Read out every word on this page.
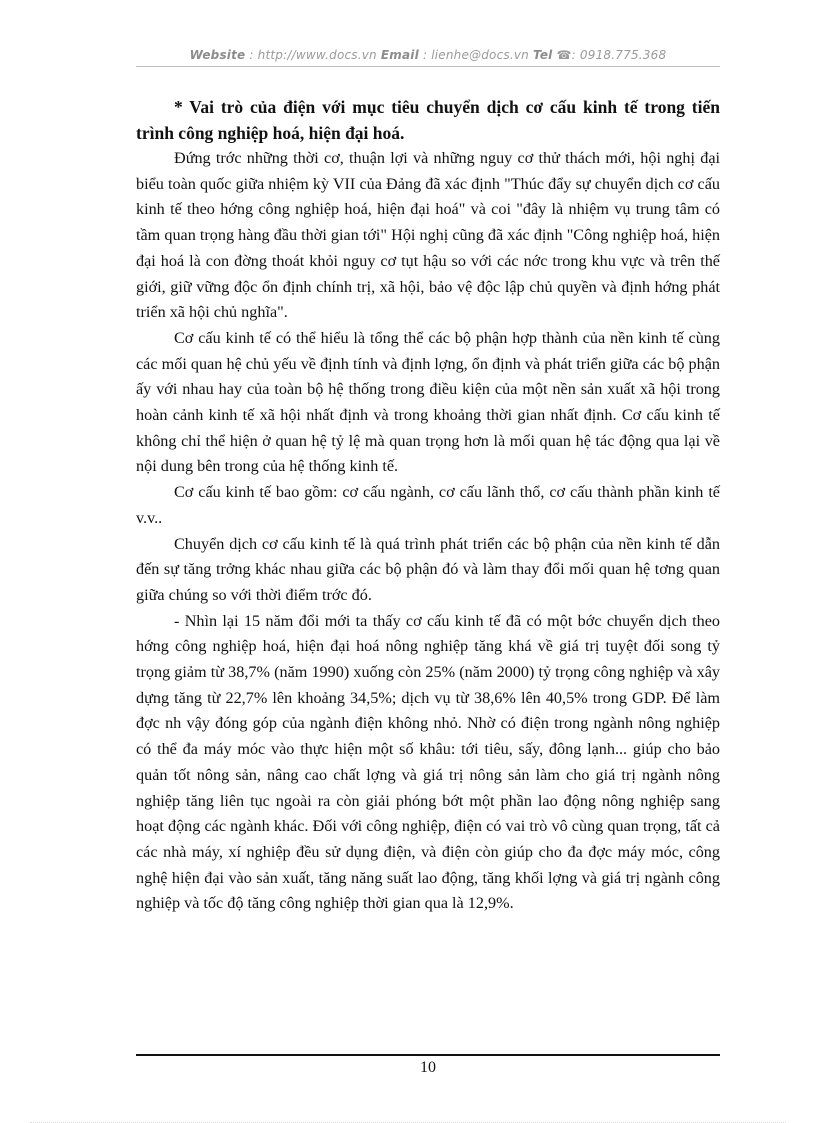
Website : http://www.docs.vn Email : lienhe@docs.vn Tel ☎: 0918.775.368

* Vai trò của điện với mục tiêu chuyển dịch cơ cấu kinh tế trong tiến trình công nghiệp hoá, hiện đại hoá.

Đứng trớc những thời cơ, thuận lợi và những nguy cơ thử thách mới, hội nghị đại biểu toàn quốc giữa nhiệm kỳ VII của Đảng đã xác định "Thúc đẩy sự chuyển dịch cơ cấu kinh tế theo hớng công nghiệp hoá, hiện đại hoá" và coi "đây là nhiệm vụ trung tâm có tầm quan trọng hàng đầu thời gian tới" Hội nghị cũng đã xác định "Công nghiệp hoá, hiện đại hoá là con đờng thoát khỏi nguy cơ tụt hậu so với các nớc trong khu vực và trên thế giới, giữ vững độc ổn định chính trị, xã hội, bảo vệ độc lập chủ quyền và định hớng phát triển xã hội chủ nghĩa".

Cơ cấu kinh tế có thể hiểu là tổng thể các bộ phận hợp thành của nền kinh tế cùng các mối quan hệ chủ yếu về định tính và định lợng, ổn định và phát triển giữa các bộ phận ấy với nhau hay của toàn bộ hệ thống trong điều kiện của một nền sản xuất xã hội trong hoàn cảnh kinh tế xã hội nhất định và trong khoảng thời gian nhất định. Cơ cấu kinh tế không chỉ thể hiện ở quan hệ tỷ lệ mà quan trọng hơn là mối quan hệ tác động qua lại về nội dung bên trong của hệ thống kinh tế.

Cơ cấu kinh tế bao gồm: cơ cấu ngành, cơ cấu lãnh thổ, cơ cấu thành phần kinh tế v.v..

Chuyển dịch cơ cấu kinh tế là quá trình phát triển các bộ phận của nền kinh tế dẫn đến sự tăng trởng khác nhau giữa các bộ phận đó và làm thay đổi mối quan hệ tơng quan giữa chúng so với thời điểm trớc đó.

- Nhìn lại 15 năm đổi mới ta thấy cơ cấu kinh tế đã có một bớc chuyển dịch theo hớng công nghiệp hoá, hiện đại hoá nông nghiệp tăng khá về giá trị tuyệt đối song tỷ trọng giảm từ 38,7% (năm 1990) xuống còn 25% (năm 2000) tỷ trọng công nghiệp và xây dựng tăng từ 22,7% lên khoảng 34,5%; dịch vụ từ 38,6% lên 40,5% trong GDP. Để làm đợc nh vậy đóng góp của ngành điện không nhỏ. Nhờ có điện trong ngành nông nghiệp có thể đa máy móc vào thực hiện một số khâu: tới tiêu, sấy, đông lạnh... giúp cho bảo quản tốt nông sản, nâng cao chất lợng và giá trị nông sản làm cho giá trị ngành nông nghiệp tăng liên tục ngoài ra còn giải phóng bớt một phần lao động nông nghiệp sang hoạt động các ngành khác. Đối với công nghiệp, điện có vai trò vô cùng quan trọng, tất cả các nhà máy, xí nghiệp đều sử dụng điện, và điện còn giúp cho đa đợc máy móc, công nghệ hiện đại vào sản xuất, tăng năng suất lao động, tăng khối lợng và giá trị ngành công nghiệp và tốc độ tăng công nghiệp thời gian qua là 12,9%.

10
